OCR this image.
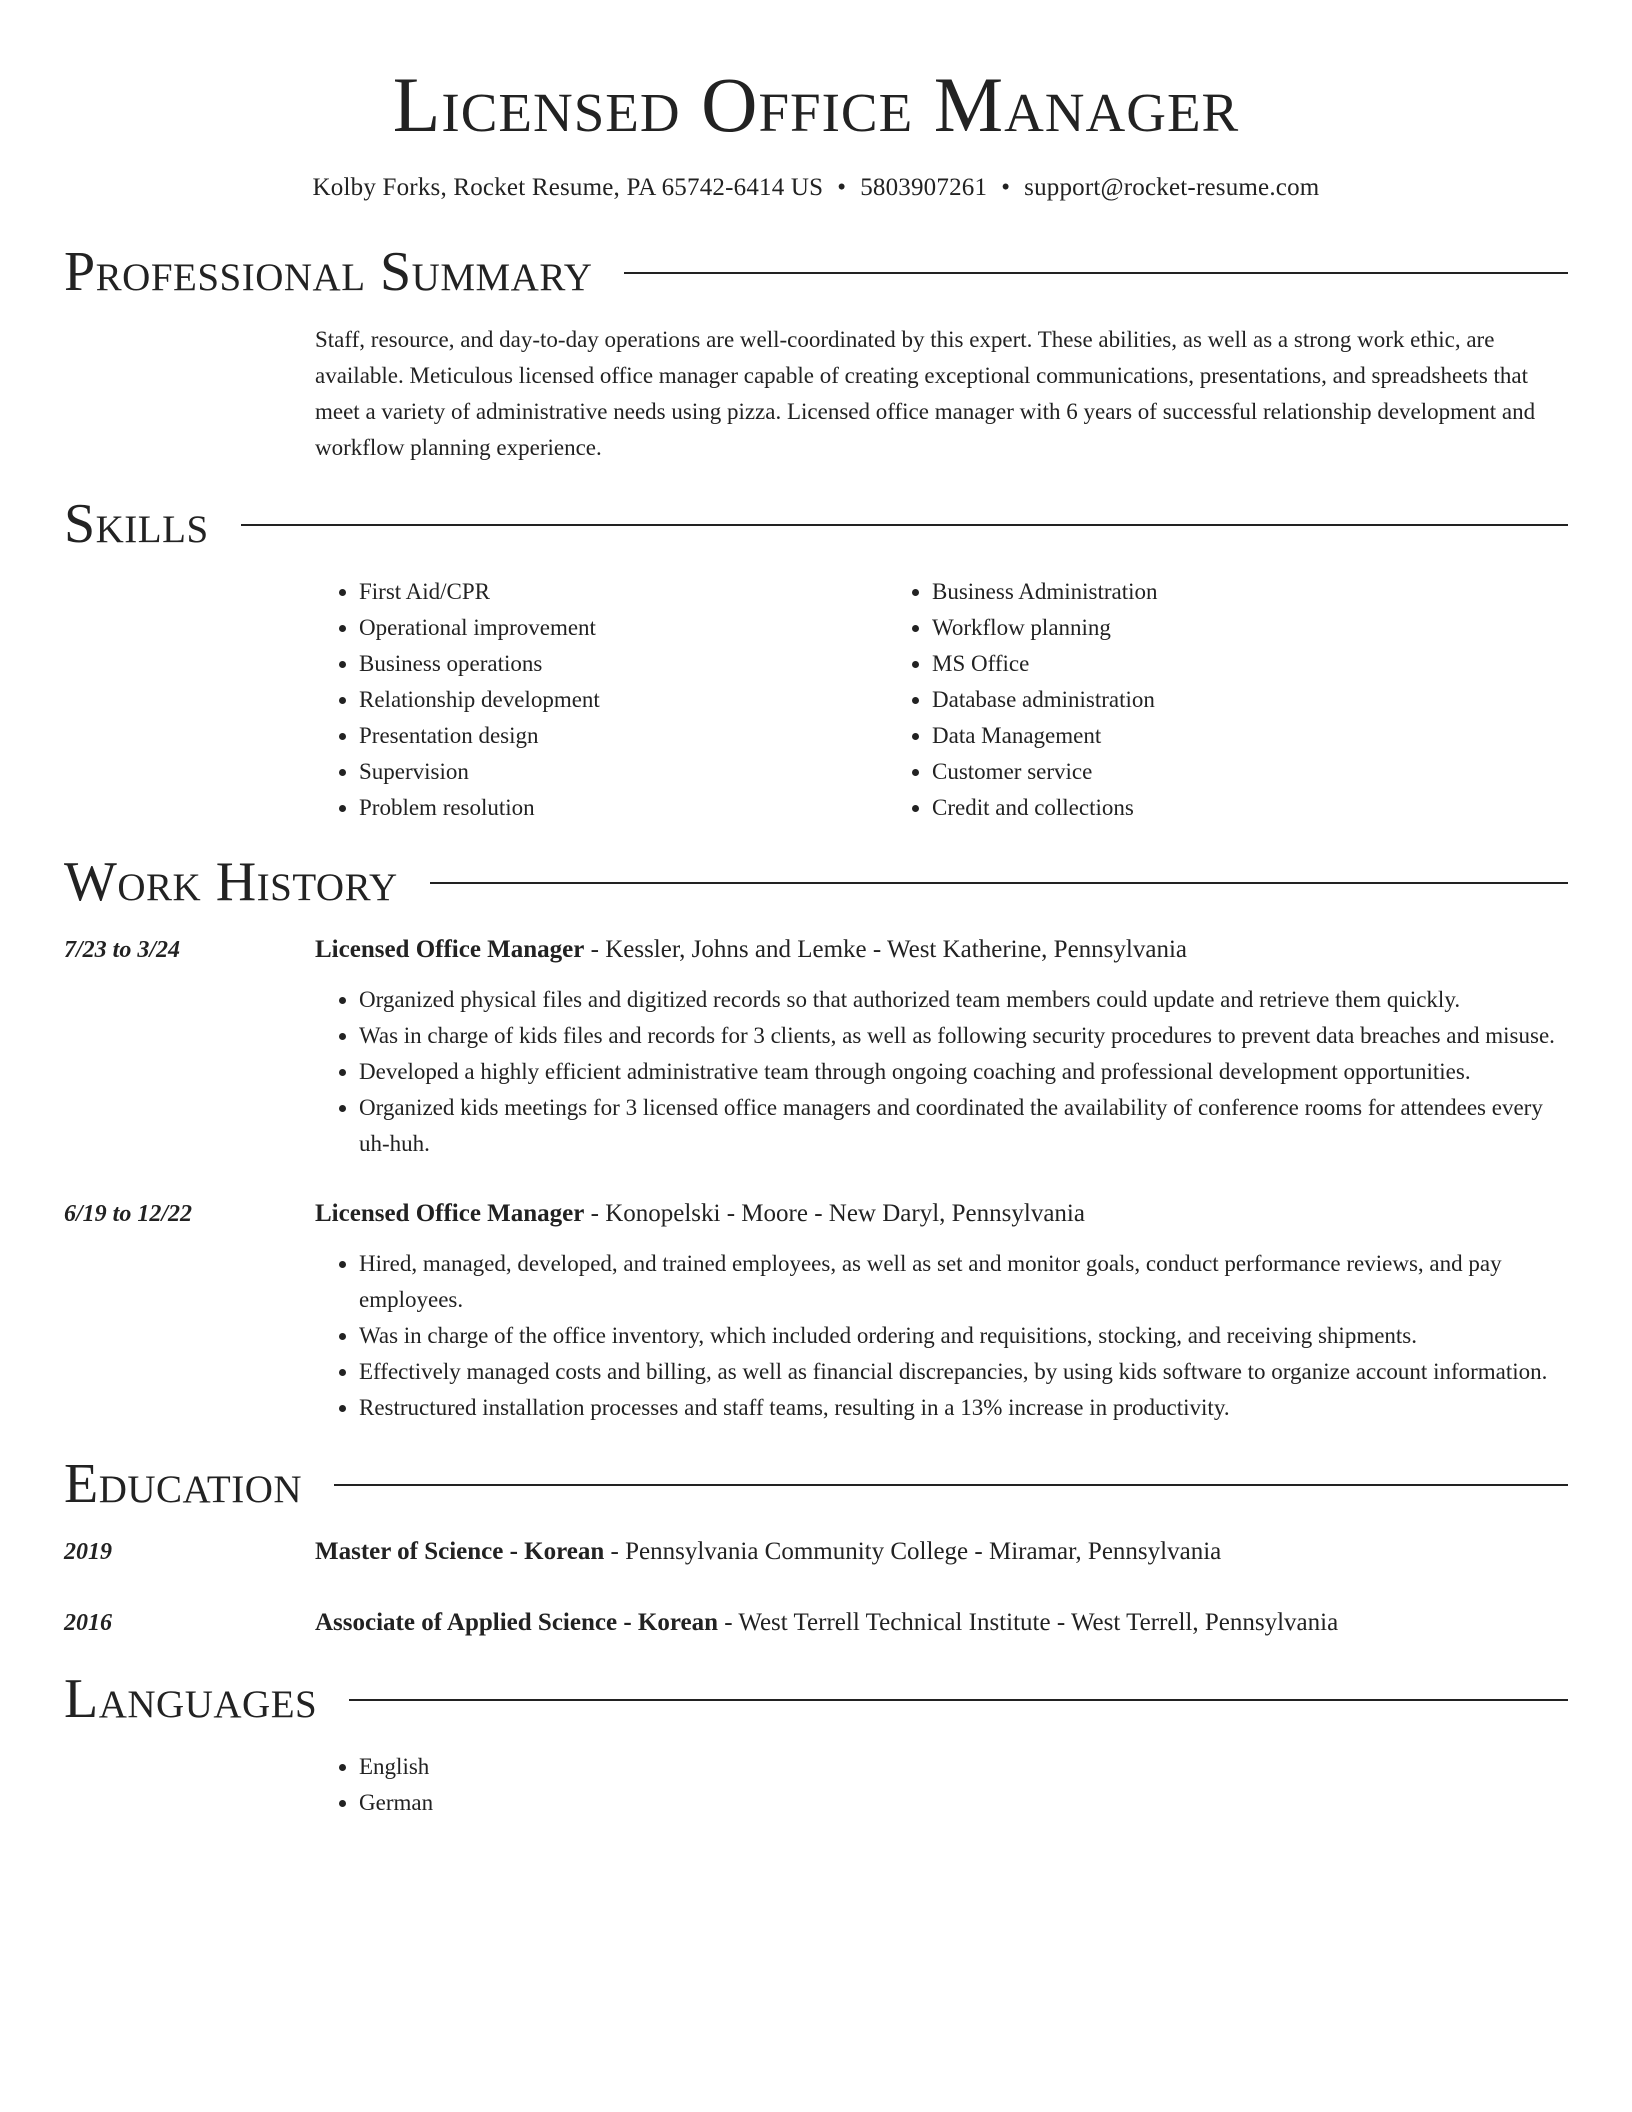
Licensed Office Manager
Kolby Forks, Rocket Resume, PA 65742-6414 US • 5803907261 • support@rocket-resume.com
Professional Summary
Staff, resource, and day-to-day operations are well-coordinated by this expert. These abilities, as well as a strong work ethic, are available. Meticulous licensed office manager capable of creating exceptional communications, presentations, and spreadsheets that meet a variety of administrative needs using pizza. Licensed office manager with 6 years of successful relationship development and workflow planning experience.
Skills
• First Aid/CPR
• Operational improvement
• Business operations
• Relationship development
• Presentation design
• Supervision
• Problem resolution
• Business Administration
• Workflow planning
• MS Office
• Database administration
• Data Management
• Customer service
• Credit and collections
Work History
7/23 to 3/24	Licensed Office Manager - Kessler, Johns and Lemke - West Katherine, Pennsylvania
• Organized physical files and digitized records so that authorized team members could update and retrieve them quickly.
• Was in charge of kids files and records for 3 clients, as well as following security procedures to prevent data breaches and misuse.
• Developed a highly efficient administrative team through ongoing coaching and professional development opportunities.
• Organized kids meetings for 3 licensed office managers and coordinated the availability of conference rooms for attendees every uh-huh.
6/19 to 12/22	Licensed Office Manager - Konopelski - Moore - New Daryl, Pennsylvania
• Hired, managed, developed, and trained employees, as well as set and monitor goals, conduct performance reviews, and pay employees.
• Was in charge of the office inventory, which included ordering and requisitions, stocking, and receiving shipments.
• Effectively managed costs and billing, as well as financial discrepancies, by using kids software to organize account information.
• Restructured installation processes and staff teams, resulting in a 13% increase in productivity.
Education
2019	Master of Science - Korean - Pennsylvania Community College - Miramar, Pennsylvania
2016	Associate of Applied Science - Korean - West Terrell Technical Institute - West Terrell, Pennsylvania
Languages
• English
• German
